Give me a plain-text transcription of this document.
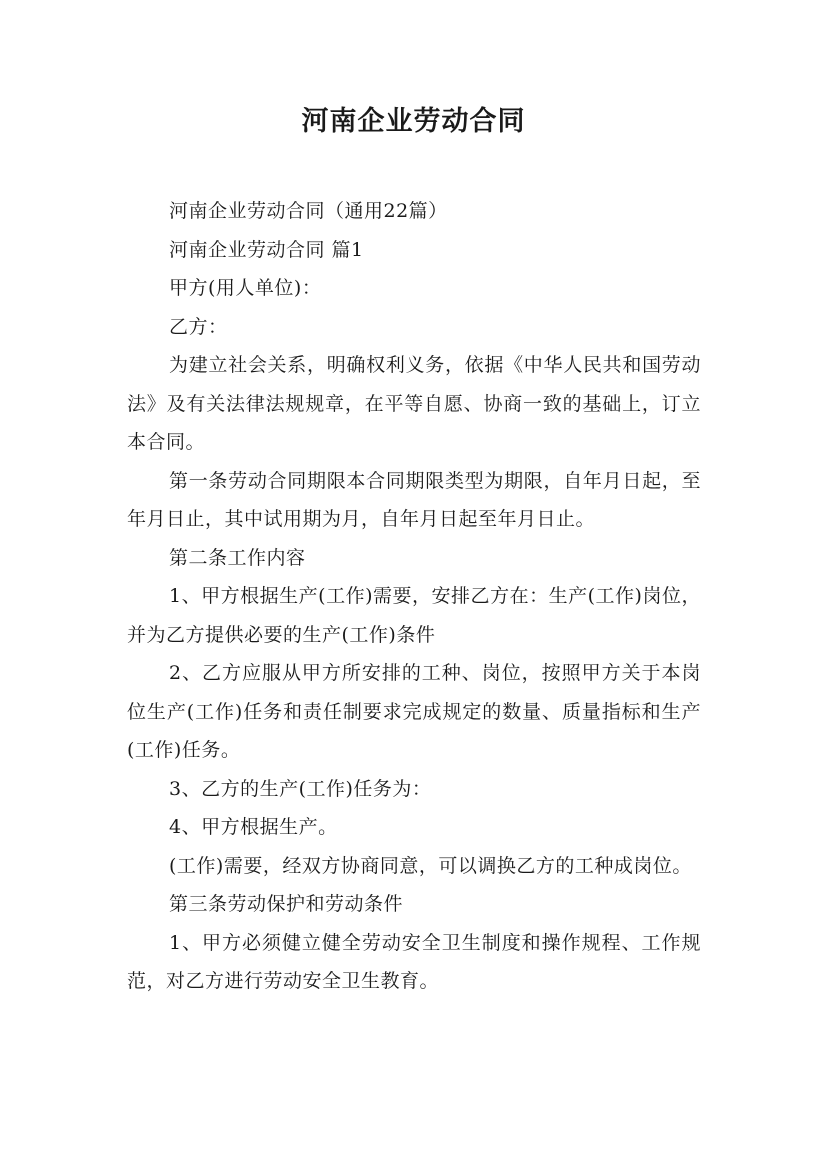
河南企业劳动合同

河南企业劳动合同（通用22篇）

河南企业劳动合同 篇1

甲方(用人单位)：

乙方：

为建立社会关系，明确权利义务，依据《中华人民共和国劳动法》及有关法律法规规章，在平等自愿、协商一致的基础上，订立本合同。

第一条劳动合同期限本合同期限类型为期限，自年月日起，至年月日止，其中试用期为月，自年月日起至年月日止。

第二条工作内容

1、甲方根据生产(工作)需要，安排乙方在：生产(工作)岗位，并为乙方提供必要的生产(工作)条件

2、乙方应服从甲方所安排的工种、岗位，按照甲方关于本岗位生产(工作)任务和责任制要求完成规定的数量、质量指标和生产(工作)任务。

3、乙方的生产(工作)任务为：

4、甲方根据生产。

(工作)需要，经双方协商同意，可以调换乙方的工种成岗位。

第三条劳动保护和劳动条件

1、甲方必须健立健全劳动安全卫生制度和操作规程、工作规范，对乙方进行劳动安全卫生教育。
